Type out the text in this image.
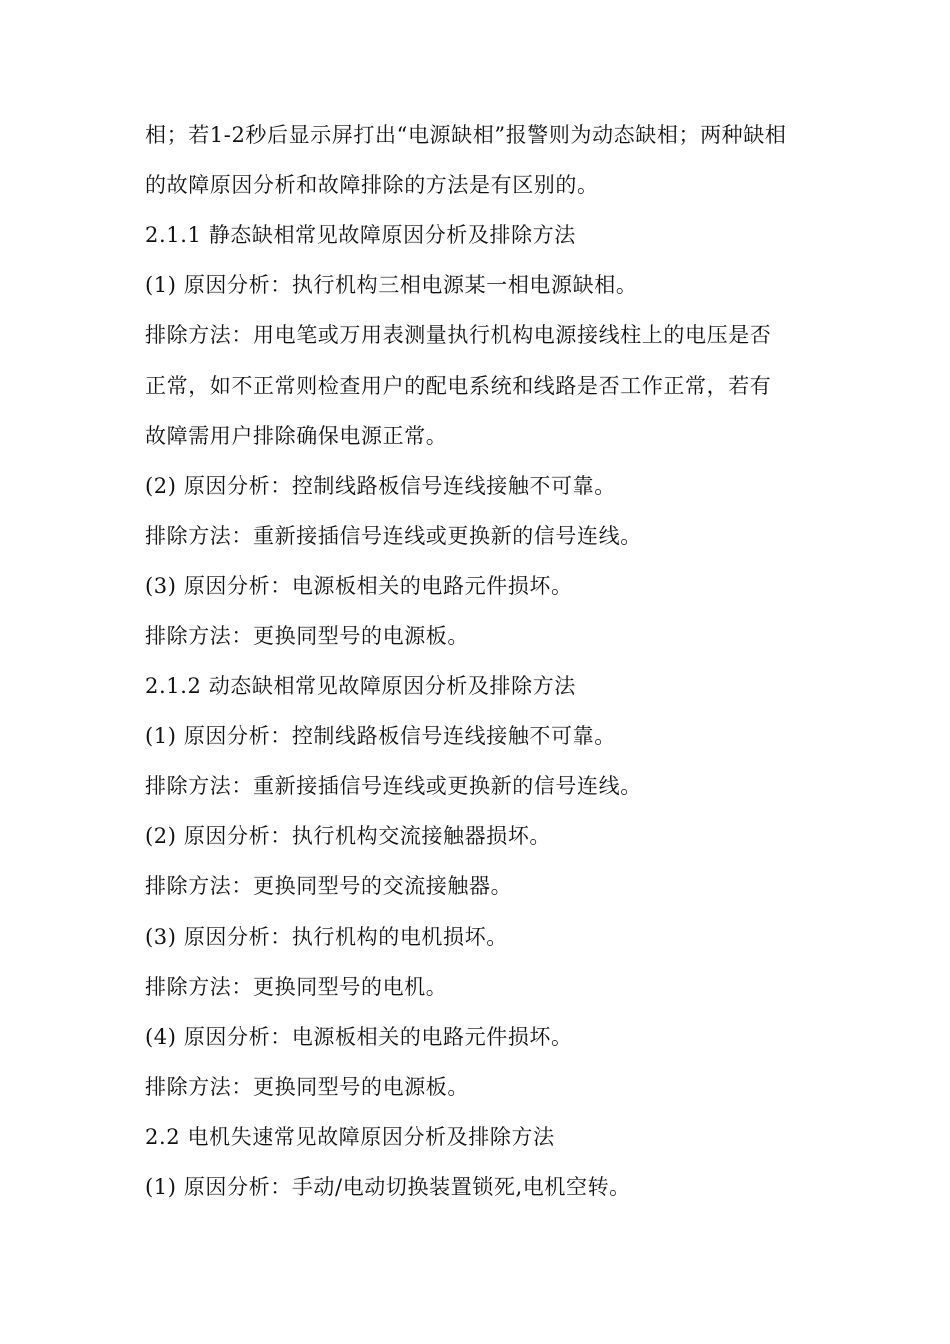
相；若1-2秒后显示屏打出“电源缺相”报警则为动态缺相；两种缺相
的故障原因分析和故障排除的方法是有区别的。
2.1.1 静态缺相常见故障原因分析及排除方法
(1) 原因分析：执行机构三相电源某一相电源缺相。
排除方法：用电笔或万用表测量执行机构电源接线柱上的电压是否
正常，如不正常则检查用户的配电系统和线路是否工作正常，若有
故障需用户排除确保电源正常。
(2) 原因分析：控制线路板信号连线接触不可靠。
排除方法：重新接插信号连线或更换新的信号连线。
(3) 原因分析：电源板相关的电路元件损坏。
排除方法：更换同型号的电源板。
2.1.2 动态缺相常见故障原因分析及排除方法
(1) 原因分析：控制线路板信号连线接触不可靠。
排除方法：重新接插信号连线或更换新的信号连线。
(2) 原因分析：执行机构交流接触器损坏。
排除方法：更换同型号的交流接触器。
(3) 原因分析：执行机构的电机损坏。
排除方法：更换同型号的电机。
(4) 原因分析：电源板相关的电路元件损坏。
排除方法：更换同型号的电源板。
2.2 电机失速常见故障原因分析及排除方法
(1) 原因分析：手动/电动切换装置锁死,电机空转。
